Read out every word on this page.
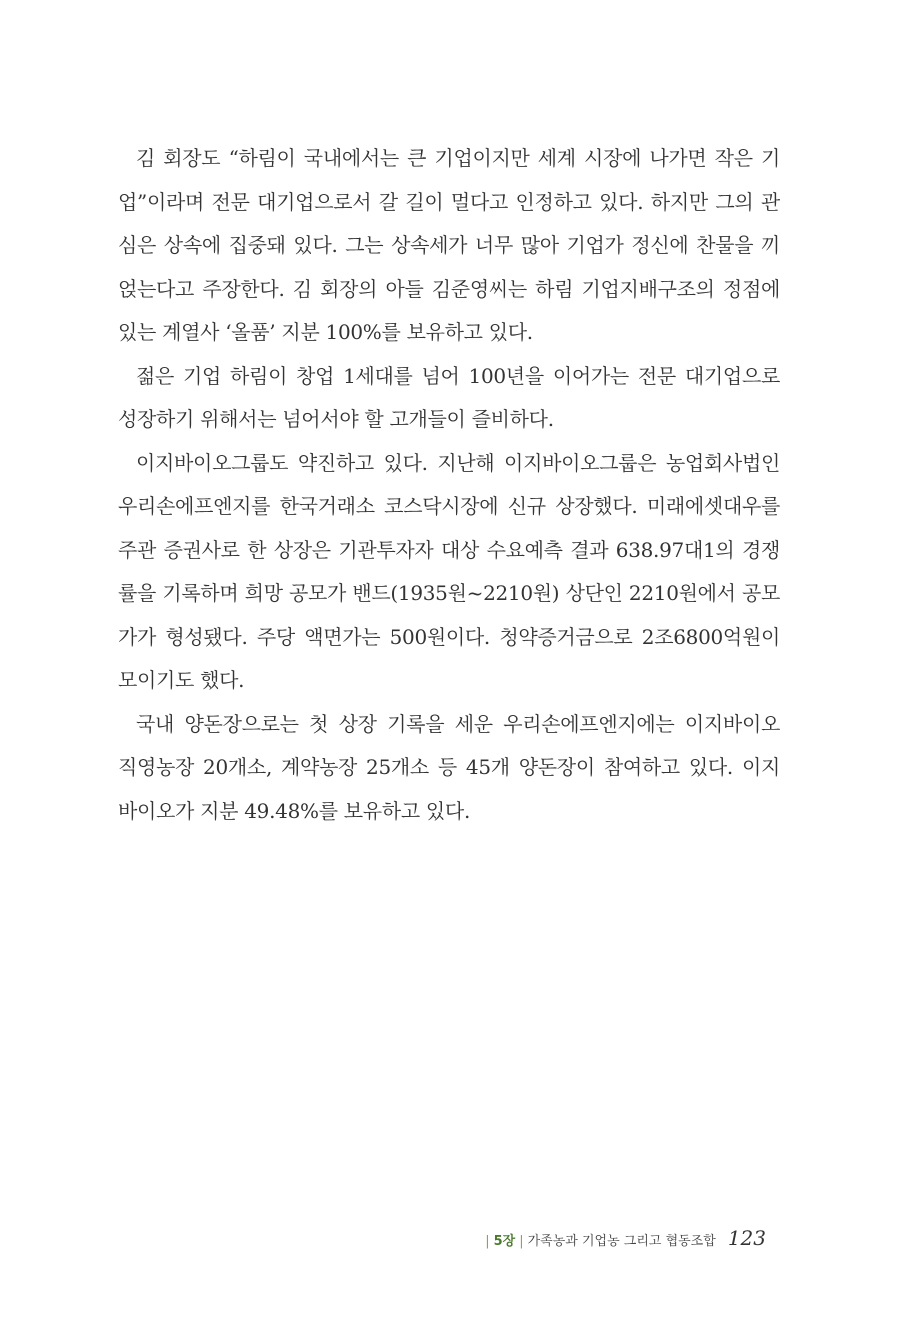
김 회장도 “하림이 국내에서는 큰 기업이지만 세계 시장에 나가면 작은 기
업”이라며 전문 대기업으로서 갈 길이 멀다고 인정하고 있다. 하지만 그의 관
심은 상속에 집중돼 있다. 그는 상속세가 너무 많아 기업가 정신에 찬물을 끼
얹는다고 주장한다. 김 회장의 아들 김준영씨는 하림 기업지배구조의 정점에
있는 계열사 ‘올품’ 지분 100%를 보유하고 있다.

젊은 기업 하림이 창업 1세대를 넘어 100년을 이어가는 전문 대기업으로
성장하기 위해서는 넘어서야 할 고개들이 즐비하다.

이지바이오그룹도 약진하고 있다. 지난해 이지바이오그룹은 농업회사법인
우리손에프엔지를 한국거래소 코스닥시장에 신규 상장했다. 미래에셋대우를
주관 증권사로 한 상장은 기관투자자 대상 수요예측 결과 638.97대1의 경쟁
률을 기록하며 희망 공모가 밴드(1935원~2210원) 상단인 2210원에서 공모
가가 형성됐다. 주당 액면가는 500원이다. 청약증거금으로 2조6800억원이
모이기도 했다.

국내 양돈장으로는 첫 상장 기록을 세운 우리손에프엔지에는 이지바이오
직영농장 20개소, 계약농장 25개소 등 45개 양돈장이 참여하고 있다. 이지
바이오가 지분 49.48%를 보유하고 있다.

| 5장 | 가족농과 기업농 그리고 협동조합 123
